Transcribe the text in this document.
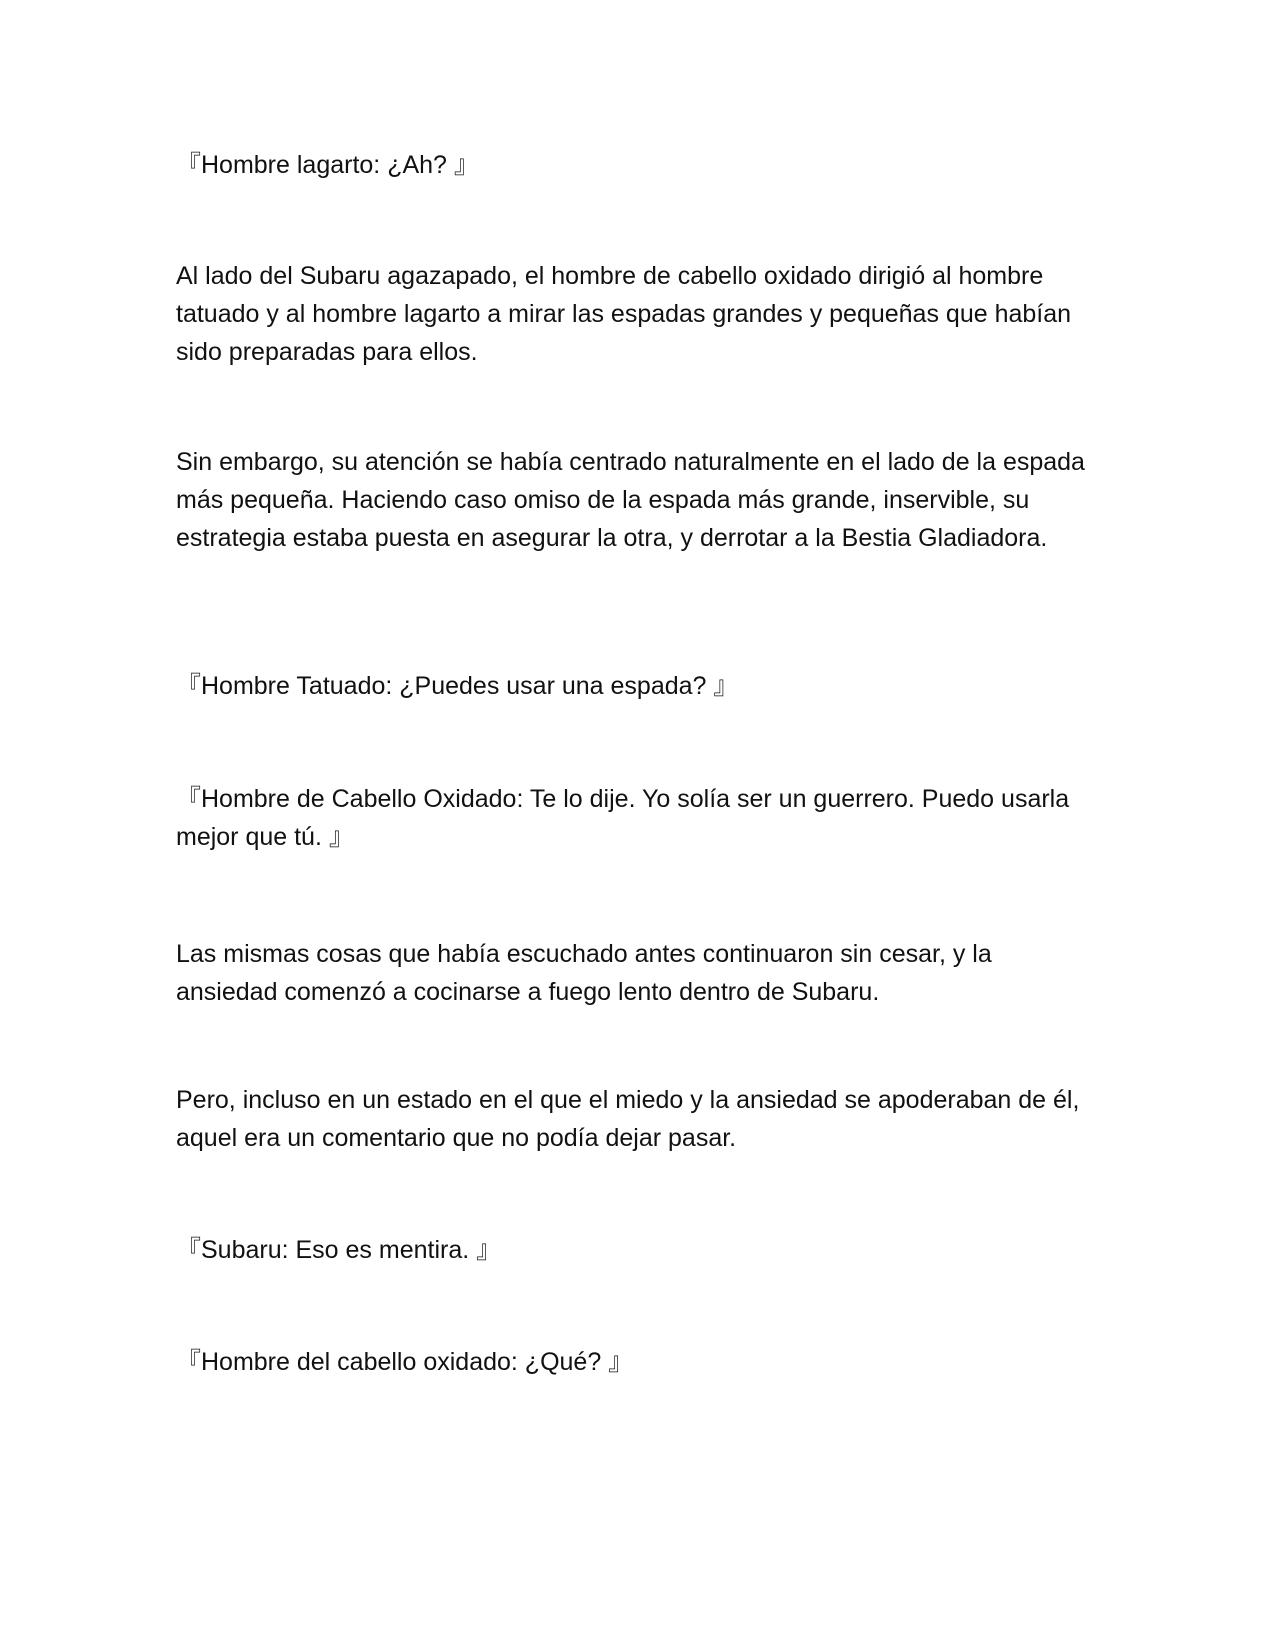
『Hombre lagarto: ¿Ah? 』

Al lado del Subaru agazapado, el hombre de cabello oxidado dirigió al hombre tatuado y al hombre lagarto a mirar las espadas grandes y pequeñas que habían sido preparadas para ellos.

Sin embargo, su atención se había centrado naturalmente en el lado de la espada más pequeña. Haciendo caso omiso de la espada más grande, inservible, su estrategia estaba puesta en asegurar la otra, y derrotar a la Bestia Gladiadora.

『Hombre Tatuado: ¿Puedes usar una espada? 』

『Hombre de Cabello Oxidado: Te lo dije. Yo solía ser un guerrero. Puedo usarla mejor que tú. 』

Las mismas cosas que había escuchado antes continuaron sin cesar, y la ansiedad comenzó a cocinarse a fuego lento dentro de Subaru.

Pero, incluso en un estado en el que el miedo y la ansiedad se apoderaban de él, aquel era un comentario que no podía dejar pasar.

『Subaru: Eso es mentira. 』

『Hombre del cabello oxidado: ¿Qué? 』
